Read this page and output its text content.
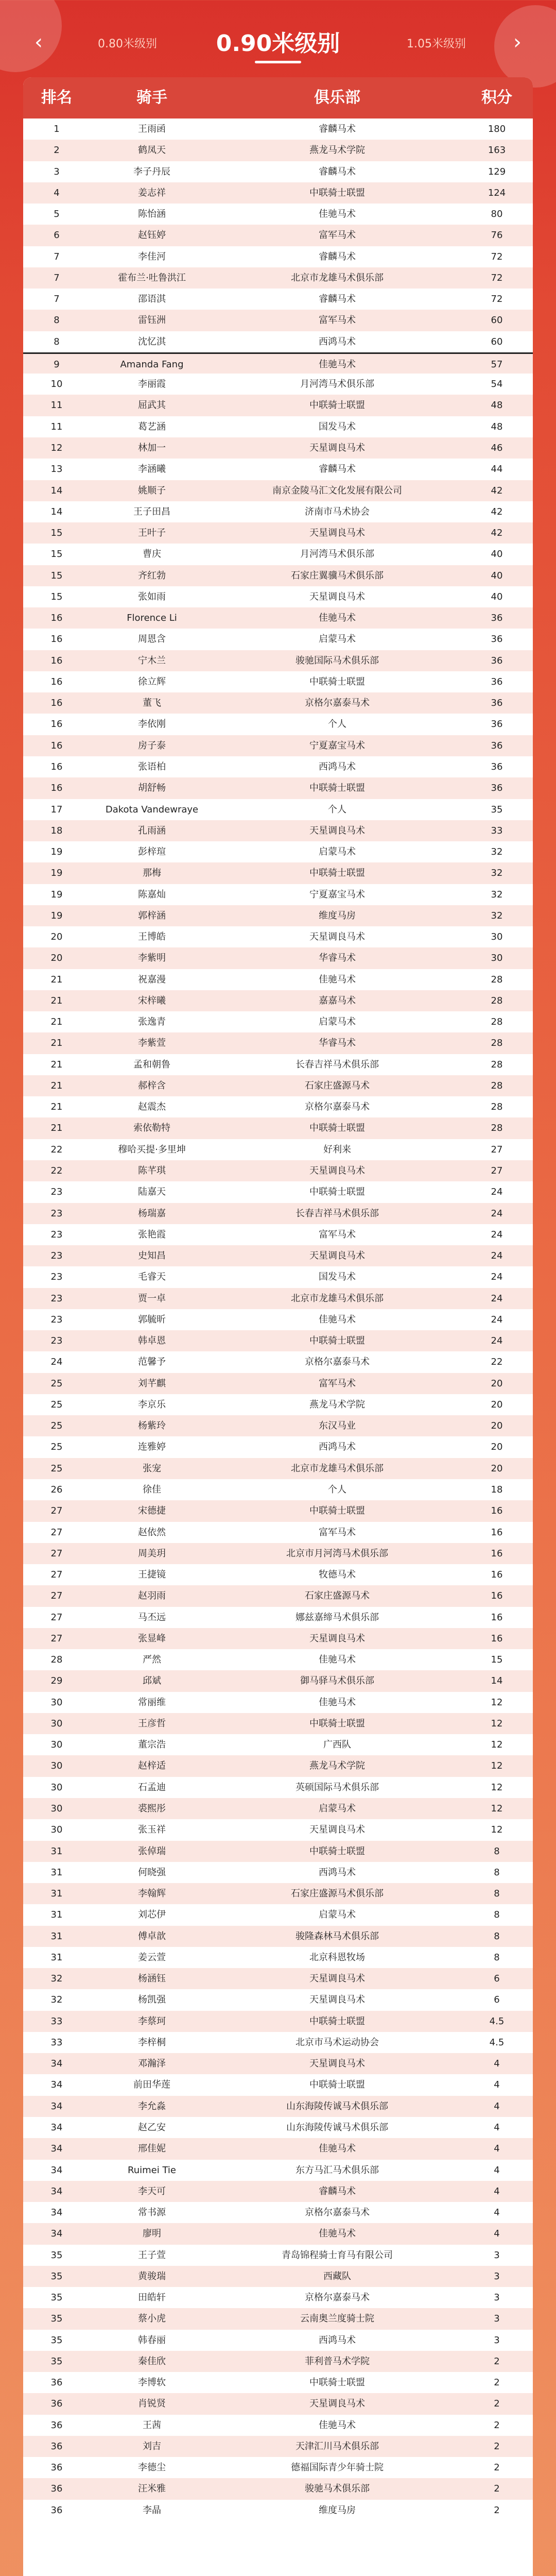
‹	0.80米级别	0.90米级别	1.05米级别	›
排名	骑手	俱乐部	积分
1	王雨函	睿麟马术	180
2	鹤凤天	燕龙马术学院	163
3	李子丹辰	睿麟马术	129
4	姜志祥	中联骑士联盟	124
5	陈怡涵	佳驰马术	80
6	赵钰婷	富军马术	76
7	李佳河	睿麟马术	72
7	霍布兰·吐鲁洪江	北京市龙雄马术俱乐部	72
7	邵语淇	睿麟马术	72
8	雷钰洲	富军马术	60
8	沈忆淇	西鸿马术	60
9	Amanda Fang	佳驰马术	57
10	李丽霞	月河湾马术俱乐部	54
11	屈武其	中联骑士联盟	48
11	葛艺涵	国发马术	48
12	林加一	天星调良马术	46
13	李涵曦	睿麟马术	44
14	姚顺子	南京金陵马汇文化发展有限公司	42
14	王子田昌	济南市马术协会	42
15	王叶子	天星调良马术	42
15	曹庆	月河湾马术俱乐部	40
15	齐红勃	石家庄翼骥马术俱乐部	40
15	张如雨	天星调良马术	40
16	Florence Li	佳驰马术	36
16	周恩含	启蒙马术	36
16	宁木兰	骏驰国际马术俱乐部	36
16	徐立辉	中联骑士联盟	36
16	董飞	京格尔嘉泰马术	36
16	李依刚	个人	36
16	房子泰	宁夏嘉宝马术	36
16	张语柏	西鸿马术	36
16	胡舒畅	中联骑士联盟	36
17	Dakota Vandewraye	个人	35
18	孔雨涵	天星调良马术	33
19	彭梓瑄	启蒙马术	32
19	那梅	中联骑士联盟	32
19	陈嘉灿	宁夏嘉宝马术	32
19	郭梓涵	维度马房	32
20	王博皓	天星调良马术	30
20	李紫明	华睿马术	30
21	祝嘉漫	佳驰马术	28
21	宋梓曦	嘉嘉马术	28
21	张逸青	启蒙马术	28
21	李紫萱	华睿马术	28
21	孟和朝鲁	长春吉祥马术俱乐部	28
21	郝梓含	石家庄盛源马术	28
21	赵震杰	京格尔嘉泰马术	28
21	索依勒特	中联骑士联盟	28
22	穆哈买提·多里坤	好利来	27
22	陈芊琪	天星调良马术	27
23	陆嘉天	中联骑士联盟	24
23	杨瑞嘉	长春吉祥马术俱乐部	24
23	张艳霞	富军马术	24
23	史知昌	天星调良马术	24
23	毛睿天	国发马术	24
23	贾一卓	北京市龙雄马术俱乐部	24
23	郭毓昕	佳驰马术	24
23	韩卓恩	中联骑士联盟	24
24	范馨予	京格尔嘉泰马术	22
25	刘芊麒	富军马术	20
25	李京乐	燕龙马术学院	20
25	杨紫玲	东汉马业	20
25	连雅婷	西鸿马术	20
25	张宠	北京市龙雄马术俱乐部	20
26	徐佳	个人	18
27	宋德捷	中联骑士联盟	16
27	赵依然	富军马术	16
27	周美玥	北京市月河湾马术俱乐部	16
27	王捷镜	牧德马术	16
27	赵羽雨	石家庄盛源马术	16
27	马丕远	娜兹嘉缔马术俱乐部	16
27	张显峰	天星调良马术	16
28	严然	佳驰马术	15
29	邱斌	御马驿马术俱乐部	14
30	常丽维	佳驰马术	12
30	王彦哲	中联骑士联盟	12
30	董宗浩	广西队	12
30	赵梓适	燕龙马术学院	12
30	石孟迪	英硕国际马术俱乐部	12
30	裘熙彤	启蒙马术	12
30	张玉祥	天星调良马术	12
31	张倬瑞	中联骑士联盟	8
31	何晓强	西鸿马术	8
31	李翰辉	石家庄盛源马术俱乐部	8
31	刘芯伊	启蒙马术	8
31	傅卓歆	骏隆森林马术俱乐部	8
31	姜云萱	北京科恩牧场	8
32	杨涵钰	天星调良马术	6
32	杨凯强	天星调良马术	6
33	李蔡珂	中联骑士联盟	4.5
33	李梓桐	北京市马术运动协会	4.5
34	邓瀚泽	天星调良马术	4
34	前田华莲	中联骑士联盟	4
34	李允淼	山东海陵传诚马术俱乐部	4
34	赵乙安	山东海陵传诚马术俱乐部	4
34	邢佳妮	佳驰马术	4
34	Ruimei Tie	东方马汇马术俱乐部	4
34	李天可	睿麟马术	4
34	常书源	京格尔嘉泰马术	4
34	廖明	佳驰马术	4
35	王子萱	青岛锦程骑士育马有限公司	3
35	黄骏瑞	西藏队	3
35	田皓轩	京格尔嘉泰马术	3
35	蔡小虎	云南奥兰度骑士院	3
35	韩春丽	西鸿马术	3
35	秦佳欣	菲利普马术学院	2
36	李博软	中联骑士联盟	2
36	肖锐贤	天星调良马术	2
36	王茜	佳驰马术	2
36	刘吉	天津汇川马术俱乐部	2
36	李德尘	德福国际青少年骑士院	2
36	汪米雅	骏驰马术俱乐部	2
36	李晶	维度马房	2
